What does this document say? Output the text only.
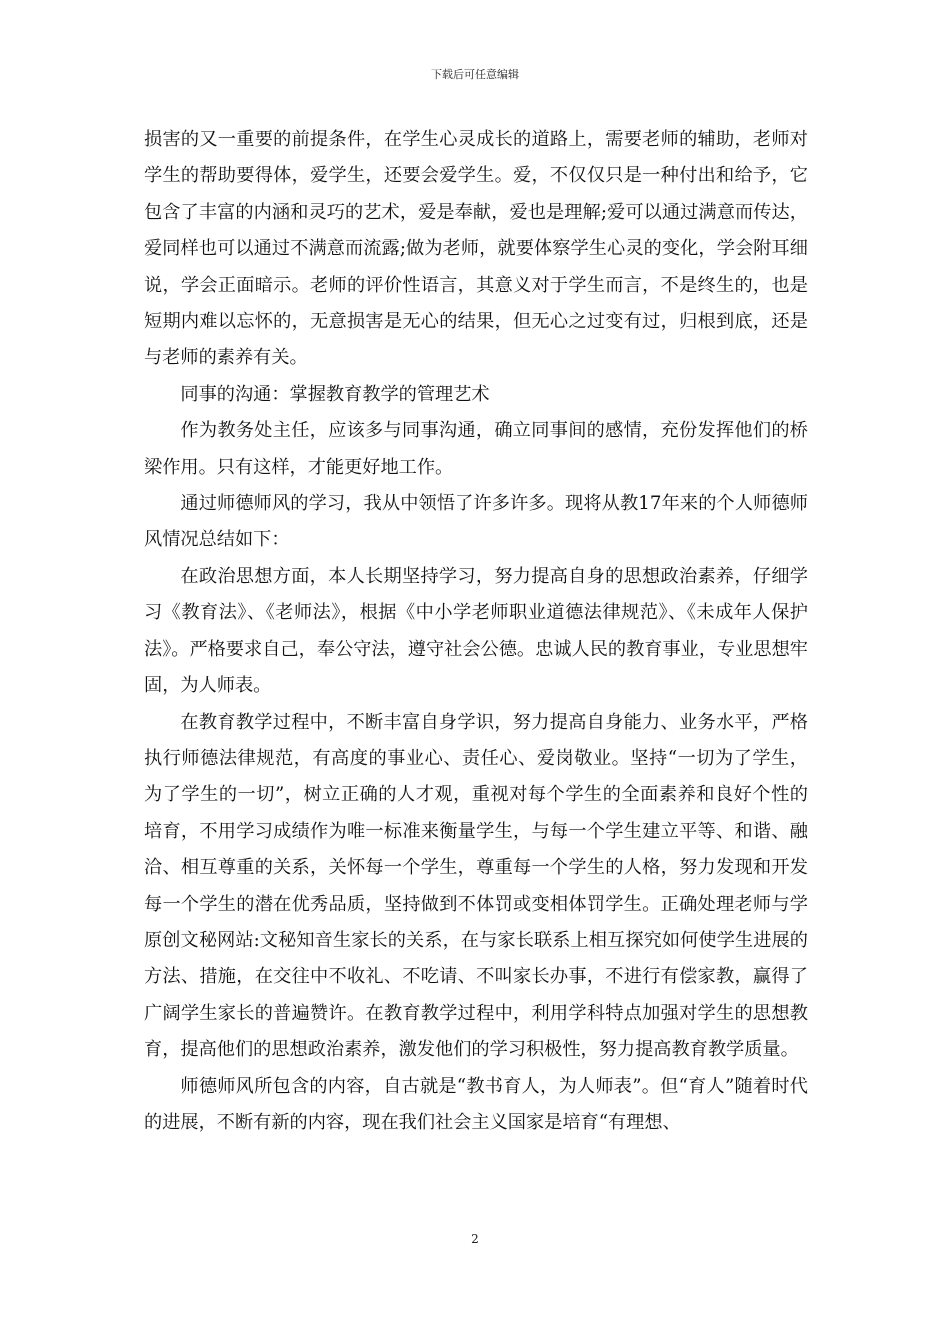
下载后可任意编辑

损害的又一重要的前提条件，在学生心灵成长的道路上，需要老师的辅助，老师对学生的帮助要得体，爱学生，还要会爱学生。爱，不仅仅只是一种付出和给予，它包含了丰富的内涵和灵巧的艺术，爱是奉献，爱也是理解;爱可以通过满意而传达，爱同样也可以通过不满意而流露;做为老师，就要体察学生心灵的变化，学会附耳细说，学会正面暗示。老师的评价性语言，其意义对于学生而言，不是终生的，也是短期内难以忘怀的，无意损害是无心的结果，但无心之过变有过，归根到底，还是与老师的素养有关。

同事的沟通：掌握教育教学的管理艺术

作为教务处主任，应该多与同事沟通，确立同事间的感情，充份发挥他们的桥梁作用。只有这样，才能更好地工作。

通过师德师风的学习，我从中领悟了许多许多。现将从教17年来的个人师德师风情况总结如下：

在政治思想方面，本人长期坚持学习，努力提高自身的思想政治素养，仔细学习《教育法》、《老师法》，根据《中小学老师职业道德法律规范》、《未成年人保护法》。严格要求自己，奉公守法，遵守社会公德。忠诚人民的教育事业，专业思想牢固，为人师表。

在教育教学过程中，不断丰富自身学识，努力提高自身能力、业务水平，严格执行师德法律规范，有高度的事业心、责任心、爱岗敬业。坚持“一切为了学生，为了学生的一切”，树立正确的人才观，重视对每个学生的全面素养和良好个性的培育，不用学习成绩作为唯一标准来衡量学生，与每一个学生建立平等、和谐、融洽、相互尊重的关系，关怀每一个学生，尊重每一个学生的人格，努力发现和开发每一个学生的潜在优秀品质，坚持做到不体罚或变相体罚学生。正确处理老师与学原创文秘网站:文秘知音生家长的关系，在与家长联系上相互探究如何使学生进展的方法、措施，在交往中不收礼、不吃请、不叫家长办事，不进行有偿家教，赢得了广阔学生家长的普遍赞许。在教育教学过程中，利用学科特点加强对学生的思想教育，提高他们的思想政治素养，激发他们的学习积极性，努力提高教育教学质量。

师德师风所包含的内容，自古就是“教书育人，为人师表”。但“育人”随着时代的进展，不断有新的内容，现在我们社会主义国家是培育“有理想、

2
